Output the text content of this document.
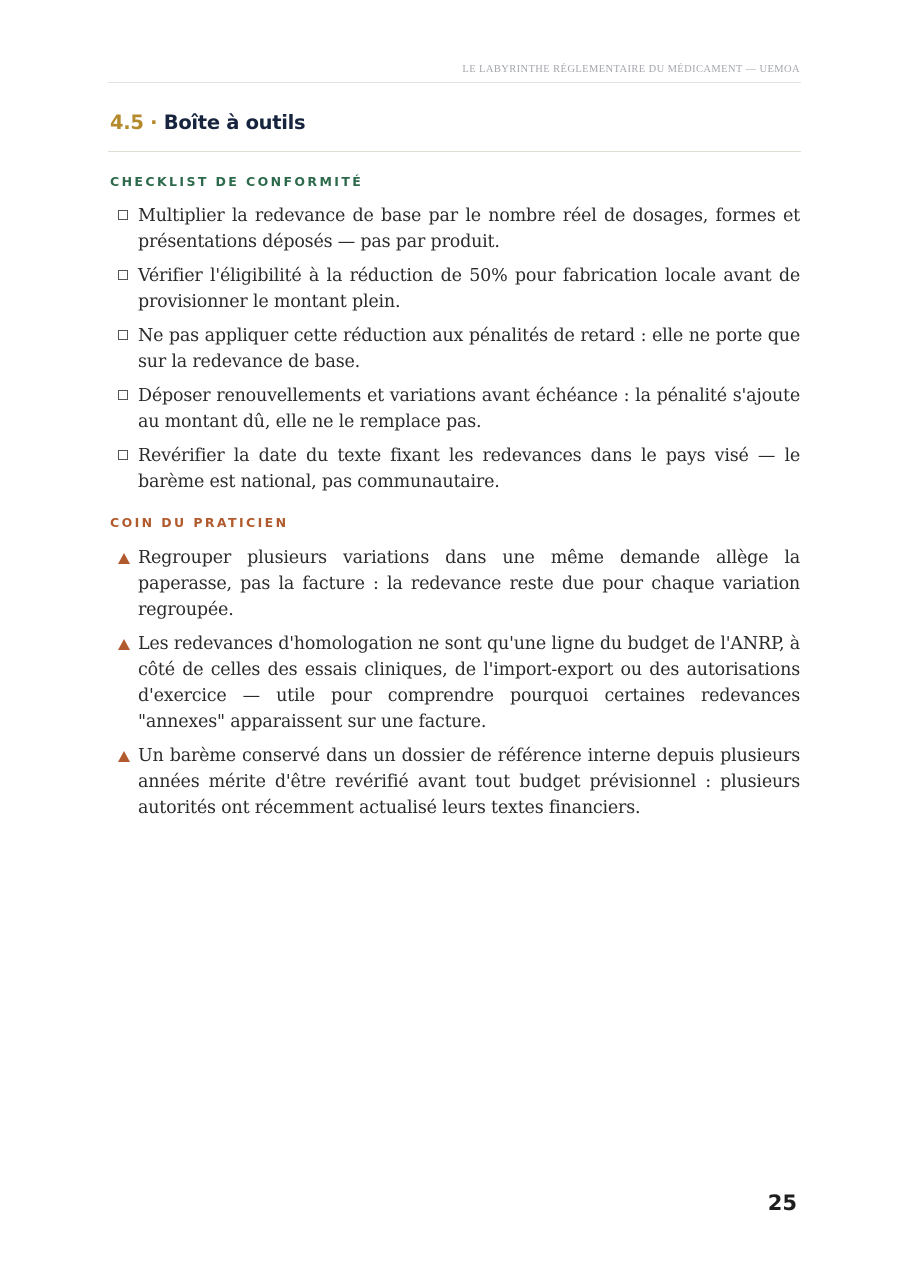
LE LABYRINTHE RÉGLEMENTAIRE DU MÉDICAMENT — UEMOA
4.5 · Boîte à outils
CHECKLIST DE CONFORMITÉ
Multiplier la redevance de base par le nombre réel de dosages, formes et présentations déposés — pas par produit.
Vérifier l'éligibilité à la réduction de 50% pour fabrication locale avant de provisionner le montant plein.
Ne pas appliquer cette réduction aux pénalités de retard : elle ne porte que sur la redevance de base.
Déposer renouvellements et variations avant échéance : la pénalité s'ajoute au montant dû, elle ne le remplace pas.
Revérifier la date du texte fixant les redevances dans le pays visé — le barème est national, pas communautaire.
COIN DU PRATICIEN
Regrouper plusieurs variations dans une même demande allège la paperasse, pas la facture : la redevance reste due pour chaque variation regroupée.
Les redevances d'homologation ne sont qu'une ligne du budget de l'ANRP, à côté de celles des essais cliniques, de l'import-export ou des autorisations d'exercice — utile pour comprendre pourquoi certaines redevances "annexes" apparaissent sur une facture.
Un barème conservé dans un dossier de référence interne depuis plusieurs années mérite d'être revérifié avant tout budget prévisionnel : plusieurs autorités ont récemment actualisé leurs textes financiers.
25
